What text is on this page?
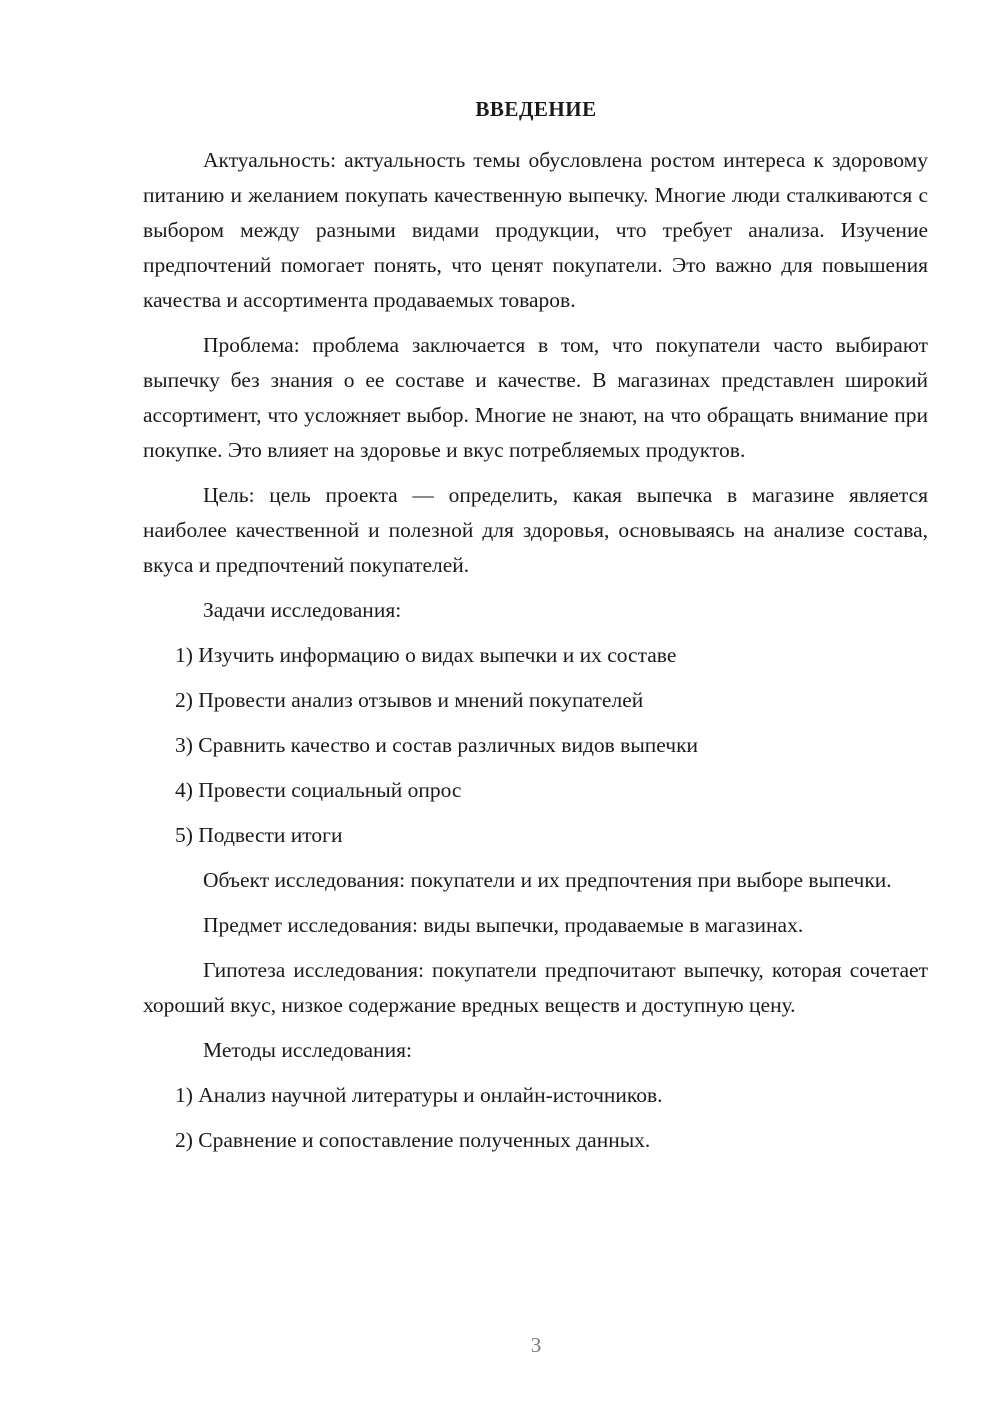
ВВЕДЕНИЕ

Актуальность: актуальность темы обусловлена ростом интереса к здоровому питанию и желанием покупать качественную выпечку. Многие люди сталкиваются с выбором между разными видами продукции, что требует анализа. Изучение предпочтений помогает понять, что ценят покупатели. Это важно для повышения качества и ассортимента продаваемых товаров.

Проблема: проблема заключается в том, что покупатели часто выбирают выпечку без знания о ее составе и качестве. В магазинах представлен широкий ассортимент, что усложняет выбор. Многие не знают, на что обращать внимание при покупке. Это влияет на здоровье и вкус потребляемых продуктов.

Цель: цель проекта — определить, какая выпечка в магазине является наиболее качественной и полезной для здоровья, основываясь на анализе состава, вкуса и предпочтений покупателей.

Задачи исследования:
1) Изучить информацию о видах выпечки и их составе
2) Провести анализ отзывов и мнений покупателей
3) Сравнить качество и состав различных видов выпечки
4) Провести социальный опрос
5) Подвести итоги

Объект исследования: покупатели и их предпочтения при выборе выпечки.

Предмет исследования: виды выпечки, продаваемые в магазинах.

Гипотеза исследования: покупатели предпочитают выпечку, которая сочетает хороший вкус, низкое содержание вредных веществ и доступную цену.

Методы исследования:
1) Анализ научной литературы и онлайн-источников.
2) Сравнение и сопоставление полученных данных.
3
